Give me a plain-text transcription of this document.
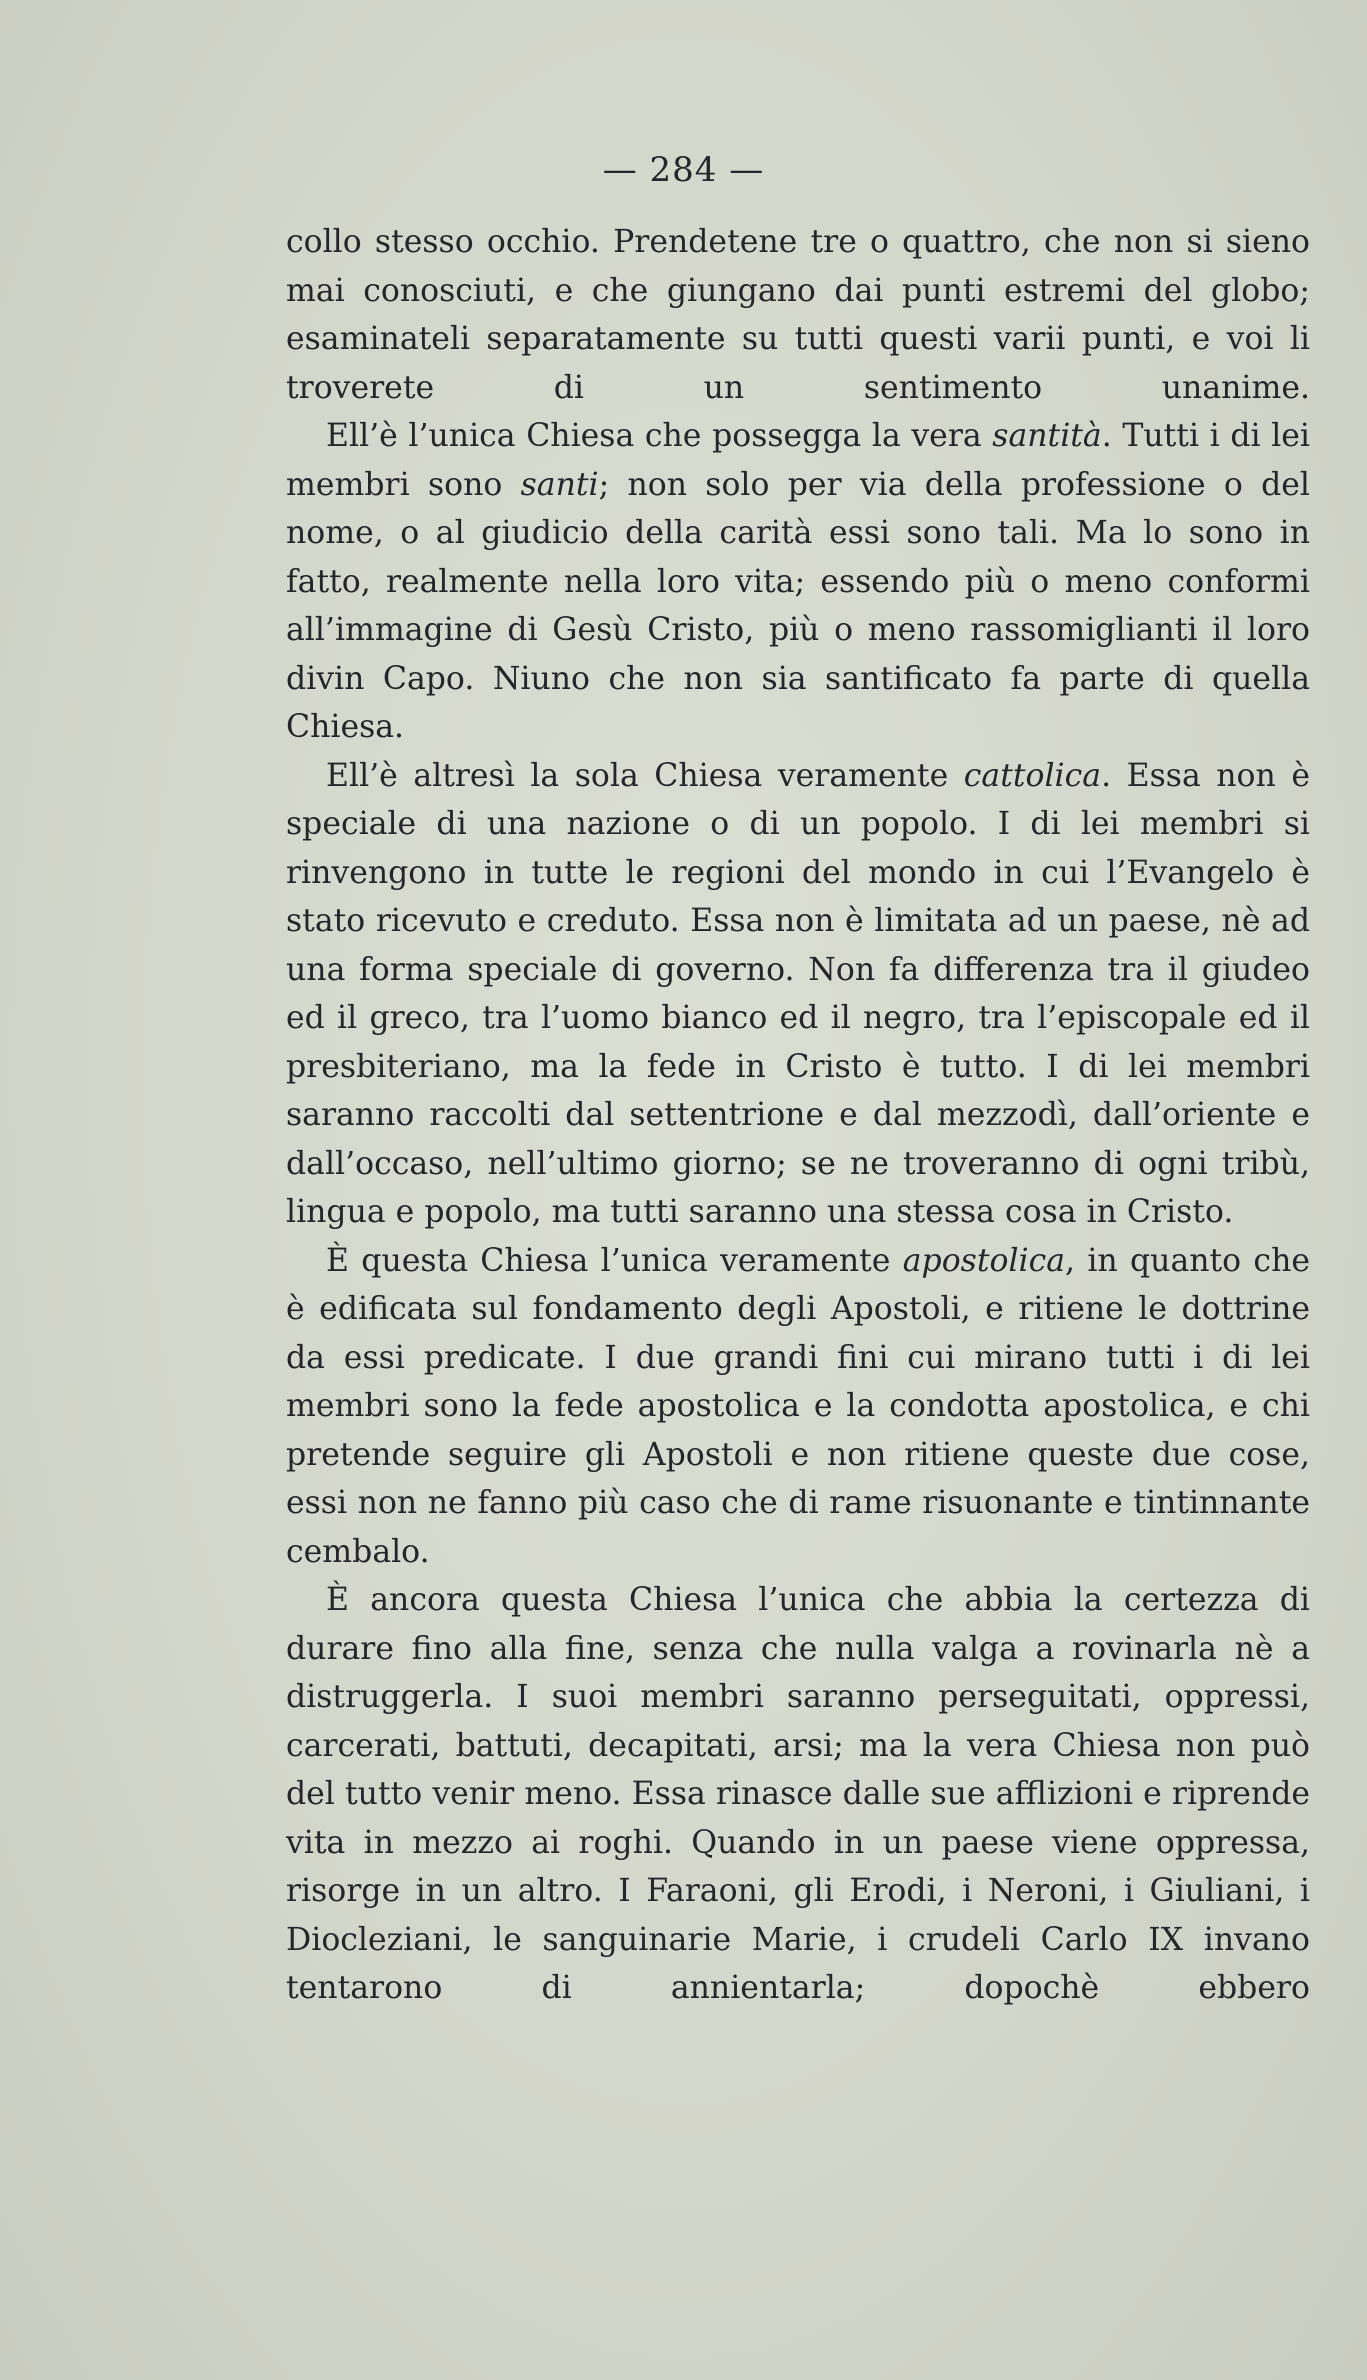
— 284 —

collo stesso occhio. Prendetene tre o quattro, che non si sieno mai conosciuti, e che giungano dai punti estremi del globo; esaminateli separatamente su tutti questi varii punti, e voi li troverete di un sentimento unanime.

Ell’è l’unica Chiesa che possegga la vera santità. Tutti i di lei membri sono santi; non solo per via della professione o del nome, o al giudicio della carità essi sono tali. Ma lo sono in fatto, realmente nella loro vita; essendo più o meno conformi all’immagine di Gesù Cristo, più o meno rassomiglianti il loro divin Capo. Niuno che non sia santificato fa parte di quella Chiesa.

Ell’è altresì la sola Chiesa veramente cattolica. Essa non è speciale di una nazione o di un popolo. I di lei membri si rinvengono in tutte le regioni del mondo in cui l’Evangelo è stato ricevuto e creduto. Essa non è limitata ad un paese, nè ad una forma speciale di governo. Non fa differenza tra il giudeo ed il greco, tra l’uomo bianco ed il negro, tra l’episcopale ed il presbiteriano, ma la fede in Cristo è tutto. I di lei membri saranno raccolti dal settentrione e dal mezzodì, dall’oriente e dall’occaso, nell’ultimo giorno; se ne troveranno di ogni tribù, lingua e popolo, ma tutti saranno una stessa cosa in Cristo.

È questa Chiesa l’unica veramente apostolica, in quanto che è edificata sul fondamento degli Apostoli, e ritiene le dottrine da essi predicate. I due grandi fini cui mirano tutti i di lei membri sono la fede apostolica e la condotta apostolica, e chi pretende seguire gli Apostoli e non ritiene queste due cose, essi non ne fanno più caso che di rame risuonante e tintinnante cembalo.

È ancora questa Chiesa l’unica che abbia la certezza di durare fino alla fine, senza che nulla valga a rovinarla nè a distruggerla. I suoi membri saranno perseguitati, oppressi, carcerati, battuti, decapitati, arsi; ma la vera Chiesa non può del tutto venir meno. Essa rinasce dalle sue afflizioni e riprende vita in mezzo ai roghi. Quando in un paese viene oppressa, risorge in un altro. I Faraoni, gli Erodi, i Neroni, i Giuliani, i Diocleziani, le sanguinarie Marie, i crudeli Carlo IX invano tentarono di annientarla; dopochè ebbero
